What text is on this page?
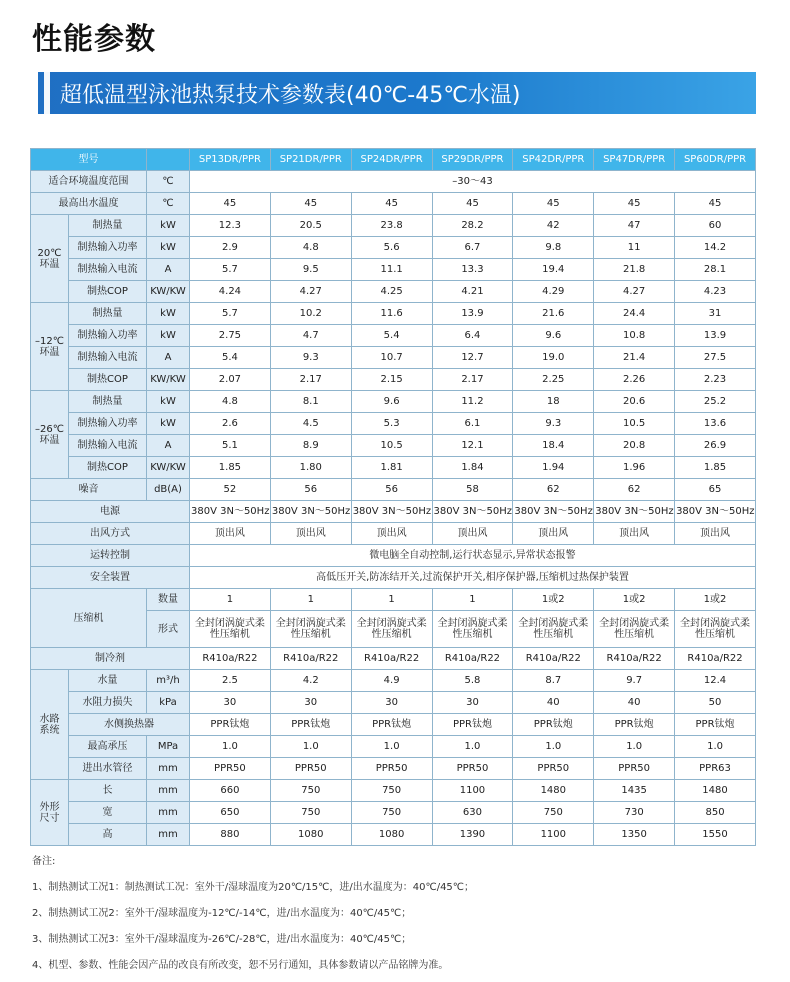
性能参数
超低温型泳池热泵技术参数表(40℃-45℃水温)
型号			SP13DR/PPR	SP21DR/PPR	SP24DR/PPR	SP29DR/PPR	SP42DR/PPR	SP47DR/PPR	SP60DR/PPR
适合环境温度范围		℃	–30～43						
最高出水温度		℃	45	45	45	45	45	45	45
20℃
环温	制热量	kW	12.3	20.5	23.8	28.2	42	47	60
	制热输入功率	kW	2.9	4.8	5.6	6.7	9.8	11	14.2
	制热输入电流	A	5.7	9.5	11.1	13.3	19.4	21.8	28.1
	制热COP	KW/KW	4.24	4.27	4.25	4.21	4.29	4.27	4.23
–12℃
环温	制热量	kW	5.7	10.2	11.6	13.9	21.6	24.4	31
	制热输入功率	kW	2.75	4.7	5.4	6.4	9.6	10.8	13.9
	制热输入电流	A	5.4	9.3	10.7	12.7	19.0	21.4	27.5
	制热COP	KW/KW	2.07	2.17	2.15	2.17	2.25	2.26	2.23
–26℃
环温	制热量	kW	4.8	8.1	9.6	11.2	18	20.6	25.2
	制热输入功率	kW	2.6	4.5	5.3	6.1	9.3	10.5	13.6
	制热输入电流	A	5.1	8.9	10.5	12.1	18.4	20.8	26.9
	制热COP	KW/KW	1.85	1.80	1.81	1.84	1.94	1.96	1.85
噪音		dB(A)	52	56	56	58	62	62	65
电源			380V 3N～50Hz	380V 3N～50Hz	380V 3N～50Hz	380V 3N～50Hz	380V 3N～50Hz	380V 3N～50Hz	380V 3N～50Hz
出风方式			顶出风	顶出风	顶出风	顶出风	顶出风	顶出风	顶出风
运转控制			微电脑全自动控制,运行状态显示,异常状态报警						
安全装置			高低压开关,防冻结开关,过流保护开关,相序保护器,压缩机过热保护装置						
压缩机		数量	1	1	1	1	1或2	1或2	1或2
		形式	全封闭涡旋式柔性压缩机	全封闭涡旋式柔性压缩机	全封闭涡旋式柔性压缩机	全封闭涡旋式柔性压缩机	全封闭涡旋式柔性压缩机	全封闭涡旋式柔性压缩机	全封闭涡旋式柔性压缩机
制冷剂			R410a/R22	R410a/R22	R410a/R22	R410a/R22	R410a/R22	R410a/R22	R410a/R22
水路
系统	水量	m³/h	2.5	4.2	4.9	5.8	8.7	9.7	12.4
	水阻力损失	kPa	30	30	30	30	40	40	50
	水侧换热器		PPR钛炮	PPR钛炮	PPR钛炮	PPR钛炮	PPR钛炮	PPR钛炮	PPR钛炮
	最高承压	MPa	1.0	1.0	1.0	1.0	1.0	1.0	1.0
	进出水管径	mm	PPR50	PPR50	PPR50	PPR50	PPR50	PPR50	PPR63
外形
尺寸	长	mm	660	750	750	1100	1480	1435	1480
	宽	mm	650	750	750	630	750	730	850
	高	mm	880	1080	1080	1390	1100	1350	1550
备注:
1、制热测试工况1：制热测试工况：室外干/湿球温度为20℃/15℃，进/出水温度为：40℃/45℃；
2、制热测试工况2：室外干/湿球温度为-12℃/-14℃，进/出水温度为：40℃/45℃；
3、制热测试工况3：室外干/湿球温度为-26℃/-28℃，进/出水温度为：40℃/45℃；
4、机型、参数、性能会因产品的改良有所改变，恕不另行通知，具体参数请以产品铭牌为准。
